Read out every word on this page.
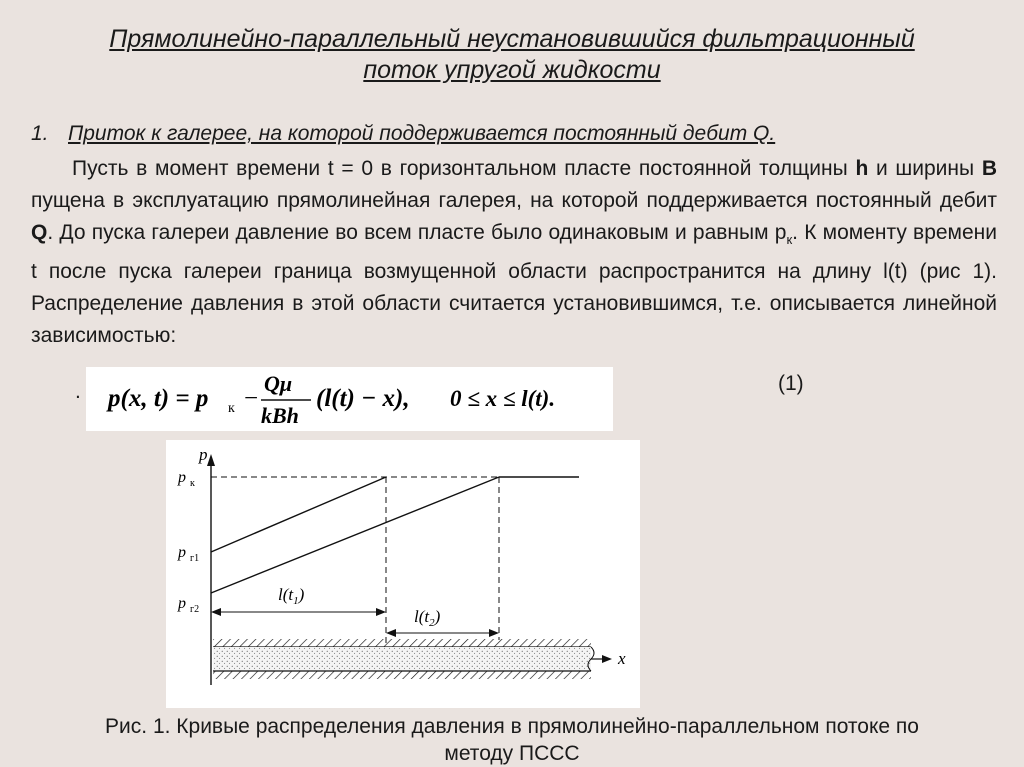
Прямолинейно-параллельный неустановившийся фильтрационный
поток упругой жидкости
1. Приток к галерее, на которой поддерживается постоянный дебит Q.
Пусть в момент времени t = 0 в горизонтальном пласте постоянной толщины h и ширины B пущена в эксплуатацию прямолинейная галерея, на которой поддерживается постоянный дебит Q. До пуска галереи давление во всем пласте было одинаковым и равным $р_к$. К моменту времени t после пуска галереи граница возмущенной области распространится на длину l(t) (рис 1). Распределение давления в этой области считается установившимся, т.е. описывается линейной зависимостью:
. p(x, t) = p к −
Qμ
kBh
(l(t) − x), 0 ≤ x ≤ l(t).
(1)
p
p к
p г1
p г2
$l(t_1)$
$l(t_2)$
x
Рис. 1. Кривые распределения давления в прямолинейно-параллельном потоке по
методу ПССС
